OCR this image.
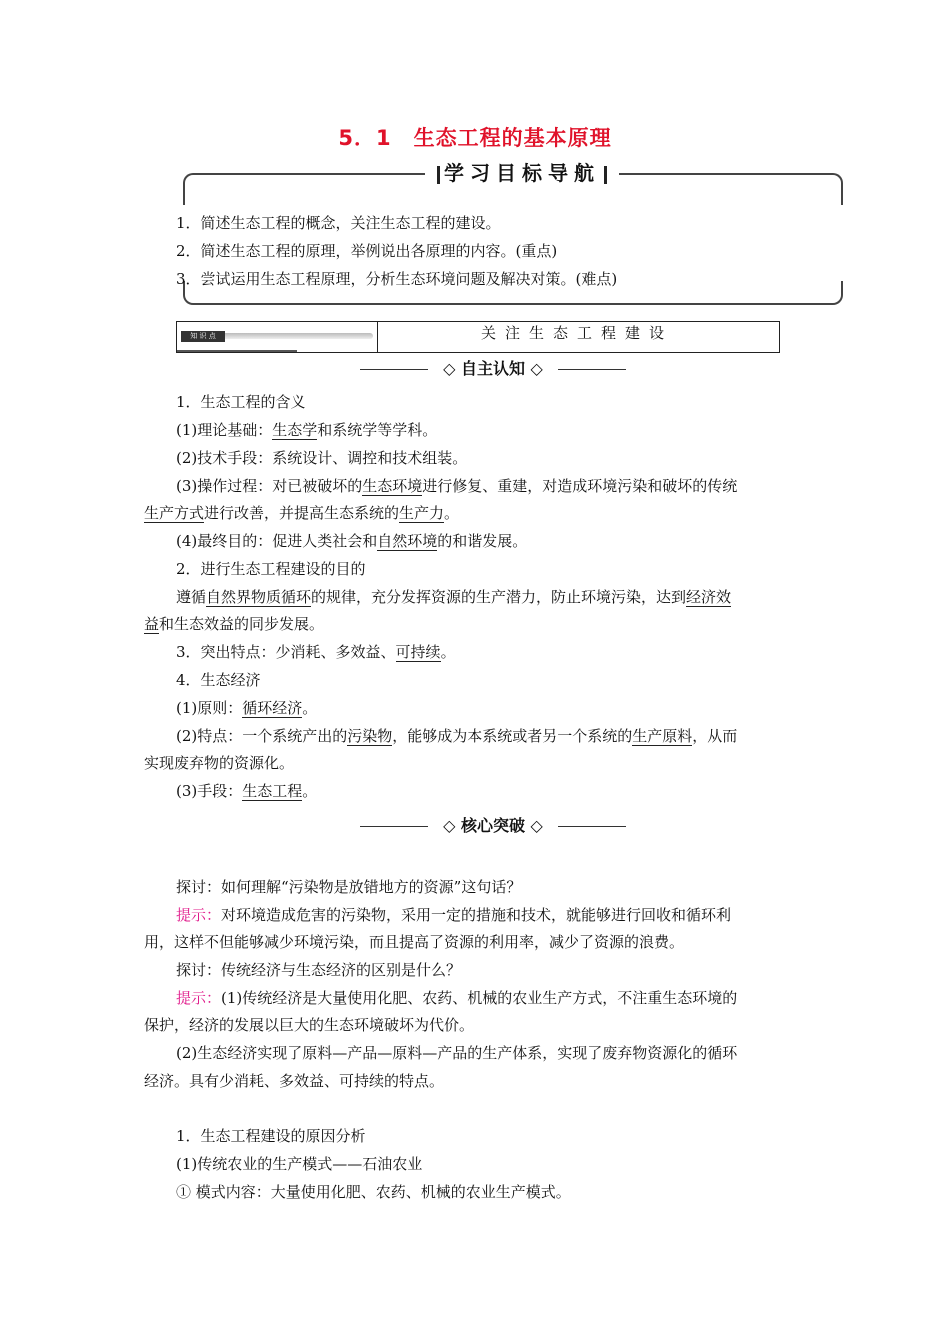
5．1　生态工程的基本原理
学习目标导航
1．简述生态工程的概念，关注生态工程的建设。
2．简述生态工程的原理，举例说出各原理的内容。(重点)
3．尝试运用生态工程原理，分析生态环境问题及解决对策。(难点)
知 识 点	关注生态工程建设
◇ 自主认知 ◇
1．生态工程的含义
(1)理论基础：生态学和系统学等学科。
(2)技术手段：系统设计、调控和技术组装。
(3)操作过程：对已被破坏的生态环境进行修复、重建，对造成环境污染和破坏的传统
生产方式进行改善，并提高生态系统的生产力。
(4)最终目的：促进人类社会和自然环境的和谐发展。
2．进行生态工程建设的目的
遵循自然界物质循环的规律，充分发挥资源的生产潜力，防止环境污染，达到经济效
益和生态效益的同步发展。
3．突出特点：少消耗、多效益、可持续。
4．生态经济
(1)原则：循环经济。
(2)特点：一个系统产出的污染物，能够成为本系统或者另一个系统的生产原料，从而
实现废弃物的资源化。
(3)手段：生态工程。
◇ 核心突破 ◇
探讨：如何理解“污染物是放错地方的资源”这句话？
提示：对环境造成危害的污染物，采用一定的措施和技术，就能够进行回收和循环利
用，这样不但能够减少环境污染，而且提高了资源的利用率，减少了资源的浪费。
探讨：传统经济与生态经济的区别是什么？
提示：(1)传统经济是大量使用化肥、农药、机械的农业生产方式，不注重生态环境的
保护，经济的发展以巨大的生态环境破坏为代价。
(2)生态经济实现了原料—产品—原料—产品的生产体系，实现了废弃物资源化的循环
经济。具有少消耗、多效益、可持续的特点。
1．生态工程建设的原因分析
(1)传统农业的生产模式——石油农业
① 模式内容：大量使用化肥、农药、机械的农业生产模式。
